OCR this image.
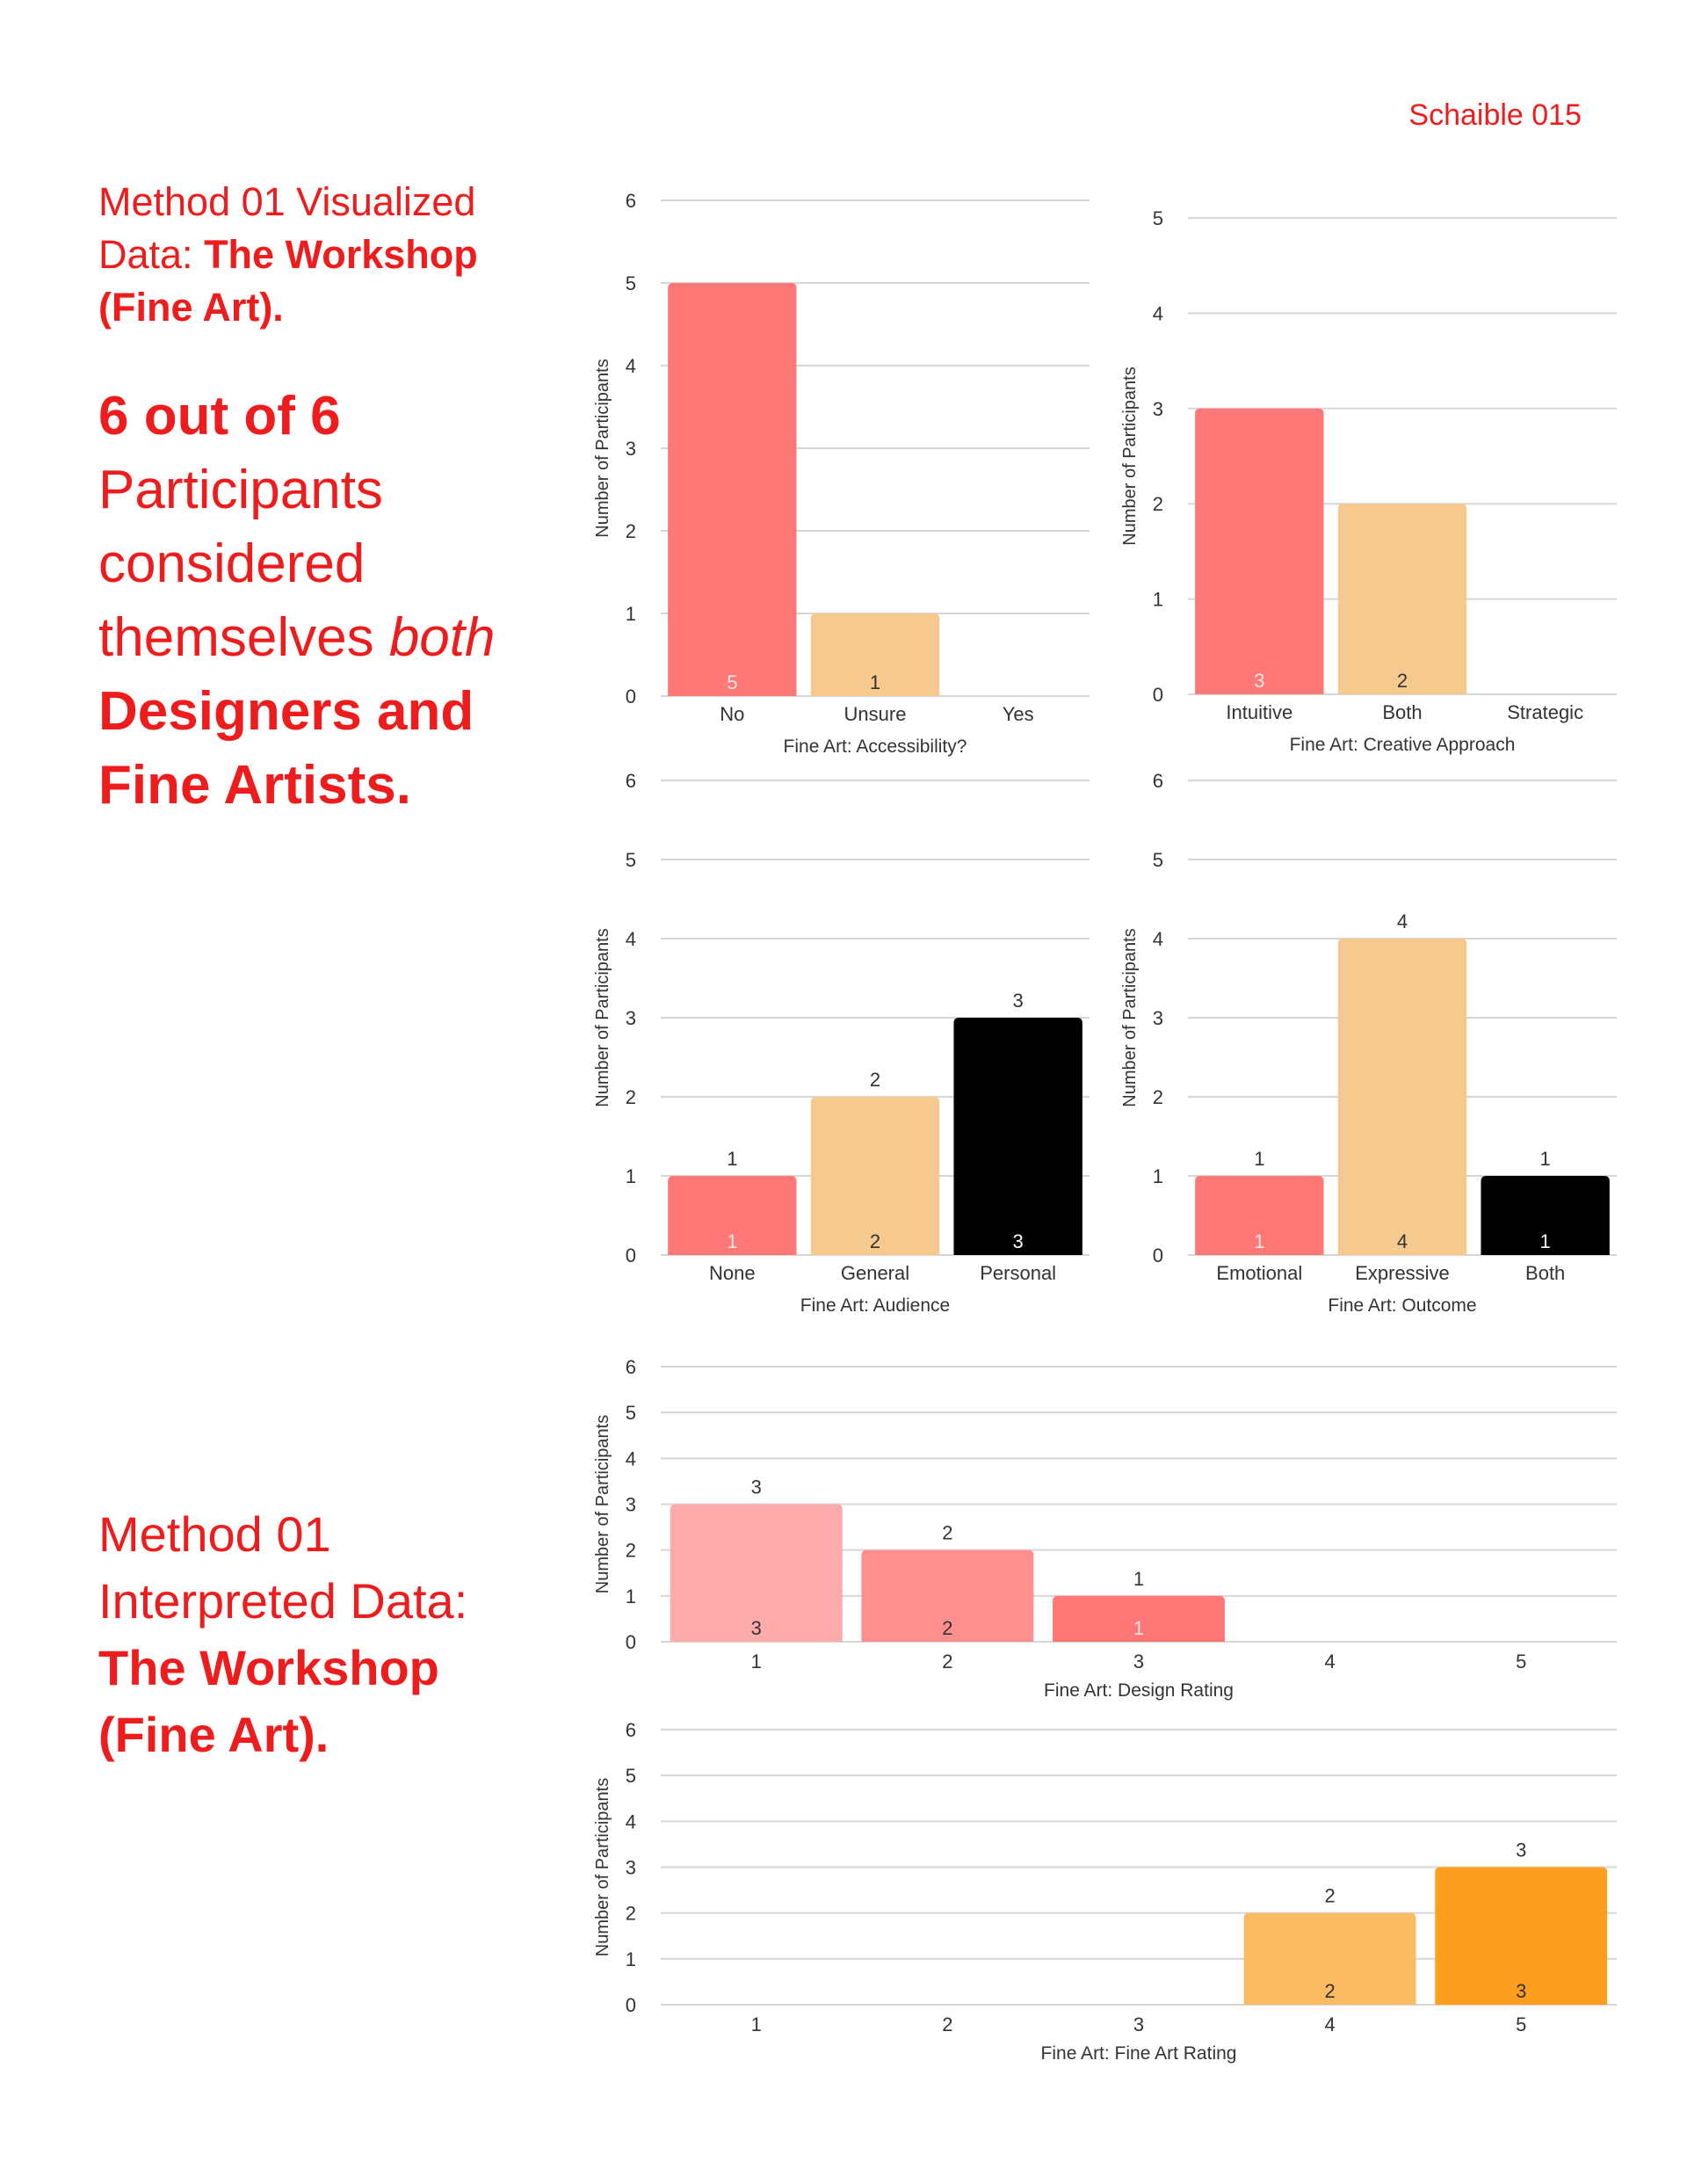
Schaible 015
Method 01 Visualized
Data: The Workshop
(Fine Art).
6 out of 6
Participants
considered
themselves both
Designers and
Fine Artists.
Method 01
Interpreted Data:
The Workshop
(Fine Art).
0
1
2
3
4
5
6
Number of Participants
5
No
1
Unsure	Yes
Fine Art: Accessibility?
0
1
2
3
4
5
Number of Participants
3
Intuitive
2
Both	Strategic
Fine Art: Creative Approach
0
1
2
3
4
5
6
Number of Participants
1
1
None
2
2
General
3
3
Personal
Fine Art: Audience
0
1
2
3
4
5
6
Number of Participants
1
1
Emotional
4
4
Expressive
1
1
Both
Fine Art: Outcome
0
1
2
3
4
5
6
Number of Participants
3
3
1
2
2
2
1
1
3	4	5
Fine Art: Design Rating
0
1
2
3
4
5
6
Number of Participants
1	2	3
2
2
4
3
3
5
Fine Art: Fine Art Rating
